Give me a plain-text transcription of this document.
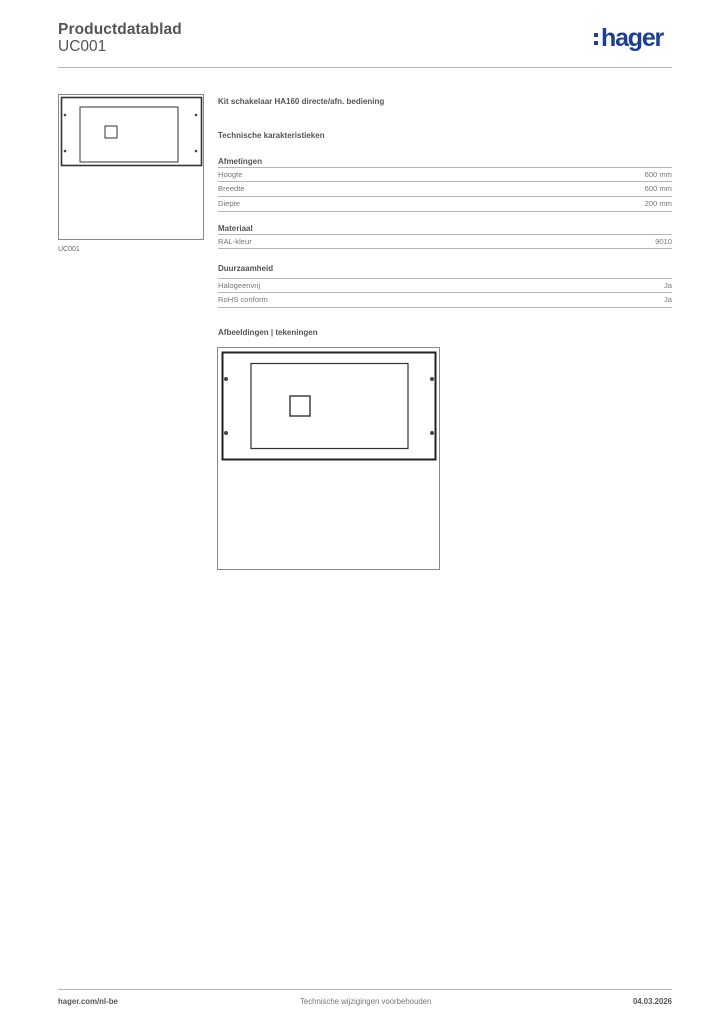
Productdatablad
UC001	hager
UC001
Kit schakelaar HA160 directe/afn. bediening
Technische karakteristieken
Afmetingen
Hoogte	600 mm
Breedte	600 mm
Diepte	200 mm
Materiaal
RAL-kleur	9010
Duurzaamheid
Halogeenvrij	Ja
RoHS conform	Ja
Afbeeldingen | tekeningen
hager.com/nl-be	Technische wijzigingen voorbehouden	04.03.2026
